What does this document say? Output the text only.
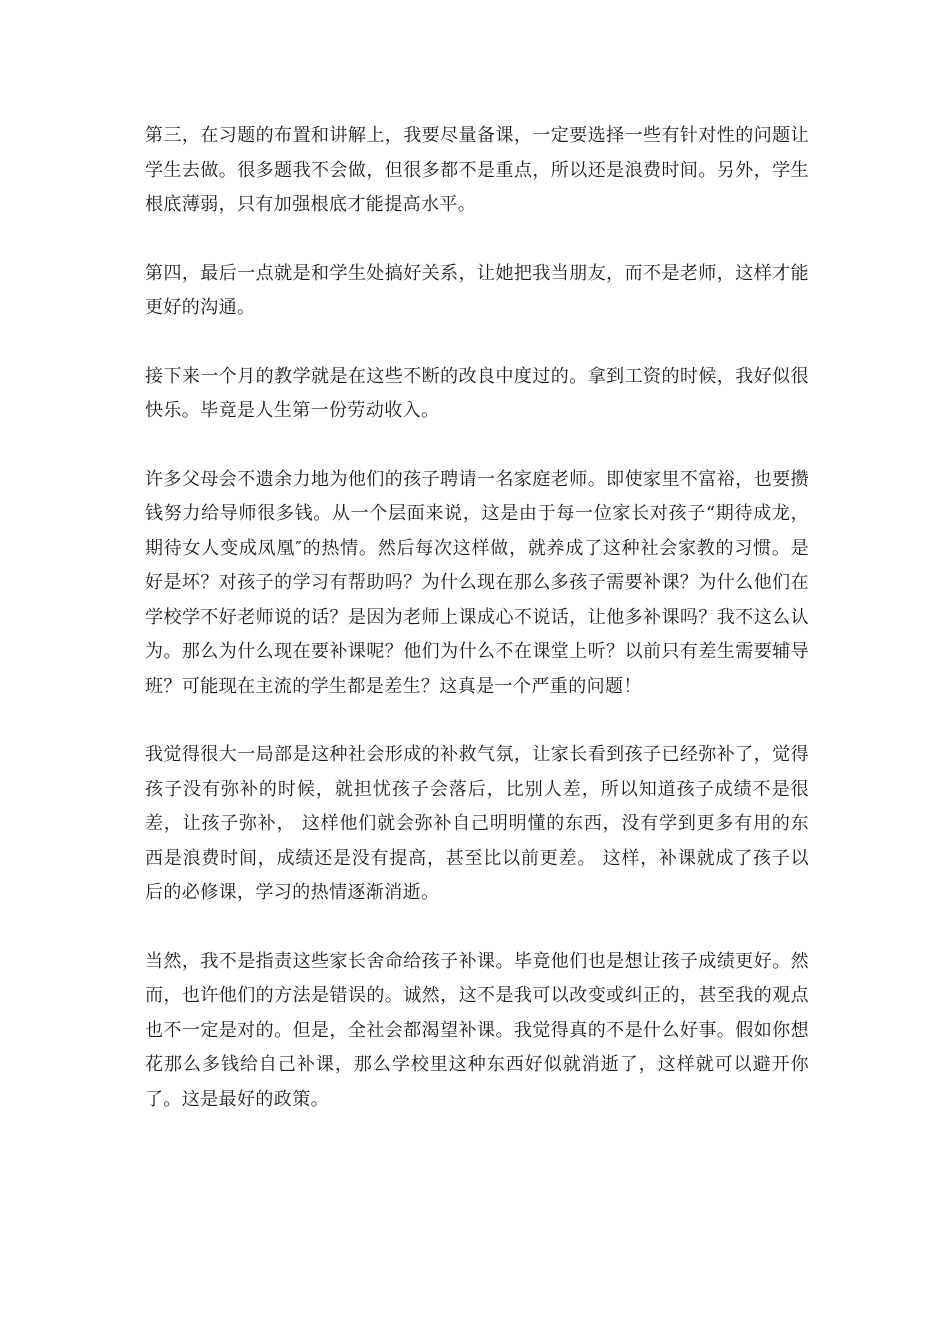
第三，在习题的布置和讲解上，我要尽量备课，一定要选择一些有针对性的问题让学生去做。很多题我不会做，但很多都不是重点，所以还是浪费时间。另外，学生根底薄弱，只有加强根底才能提高水平。

第四，最后一点就是和学生处搞好关系，让她把我当朋友，而不是老师，这样才能更好的沟通。

接下来一个月的教学就是在这些不断的改良中度过的。拿到工资的时候，我好似很快乐。毕竟是人生第一份劳动收入。

许多父母会不遗余力地为他们的孩子聘请一名家庭老师。即使家里不富裕，也要攒钱努力给导师很多钱。从一个层面来说，这是由于每一位家长对孩子“期待成龙，期待女人变成凤凰″的热情。然后每次这样做，就养成了这种社会家教的习惯。是好是坏？对孩子的学习有帮助吗？为什么现在那么多孩子需要补课？为什么他们在学校学不好老师说的话？是因为老师上课成心不说话，让他多补课吗？我不这么认为。那么为什么现在要补课呢？他们为什么不在课堂上听？以前只有差生需要辅导班？可能现在主流的学生都是差生？这真是一个严重的问题！

我觉得很大一局部是这种社会形成的补救气氛，让家长看到孩子已经弥补了，觉得孩子没有弥补的时候，就担忧孩子会落后，比别人差，所以知道孩子成绩不是很差，让孩子弥补， 这样他们就会弥补自己明明懂的东西，没有学到更多有用的东西是浪费时间，成绩还是没有提高，甚至比以前更差。 这样，补课就成了孩子以后的必修课，学习的热情逐渐消逝。

当然，我不是指责这些家长舍命给孩子补课。毕竟他们也是想让孩子成绩更好。然而，也许他们的方法是错误的。诚然，这不是我可以改变或纠正的，甚至我的观点也不一定是对的。但是，全社会都渴望补课。我觉得真的不是什么好事。假如你想花那么多钱给自己补课，那么学校里这种东西好似就消逝了，这样就可以避开你了。这是最好的政策。
